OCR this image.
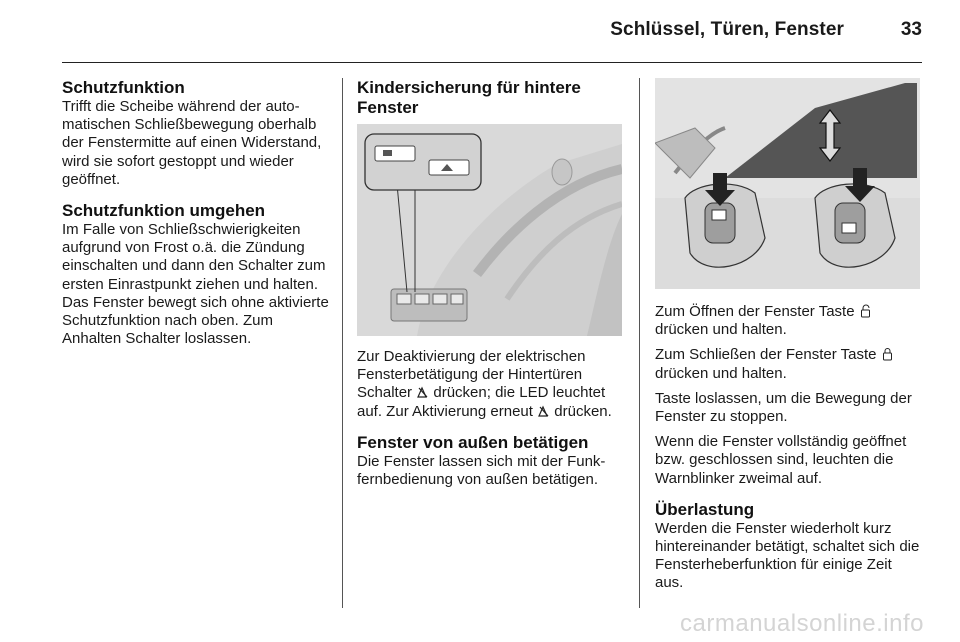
Schlüssel, Türen, Fenster	33
Schutzfunktion

Trifft die Scheibe während der automatischen Schließbewegung oberhalb der Fenstermitte auf einen Widerstand, wird sie sofort gestoppt und wieder geöffnet.

Schutzfunktion umgehen

Im Falle von Schließschwierigkeiten aufgrund von Frost o.ä. die Zündung einschalten und dann den Schalter zum ersten Einrastpunkt ziehen und halten. Das Fenster bewegt sich ohne aktivierte Schutzfunktion nach oben. Zum Anhalten Schalter loslassen.

Kindersicherung für hintere Fenster

Zur Deaktivierung der elektrischen Fensterbetätigung der Hintertüren Schalter drücken; die LED leuchtet auf. Zur Aktivierung erneut drücken.

Fenster von außen betätigen

Die Fenster lassen sich mit der Funkfernbedienung von außen betätigen.

Zum Öffnen der Fenster Taste
drücken und halten.

Zum Schließen der Fenster Taste
drücken und halten.

Taste loslassen, um die Bewegung der Fenster zu stoppen.

Wenn die Fenster vollständig geöffnet bzw. geschlossen sind, leuchten die Warnblinker zweimal auf.

Überlastung

Werden die Fenster wiederholt kurz hintereinander betätigt, schaltet sich die Fensterheberfunktion für einige Zeit aus.

carmanualsonline.info
